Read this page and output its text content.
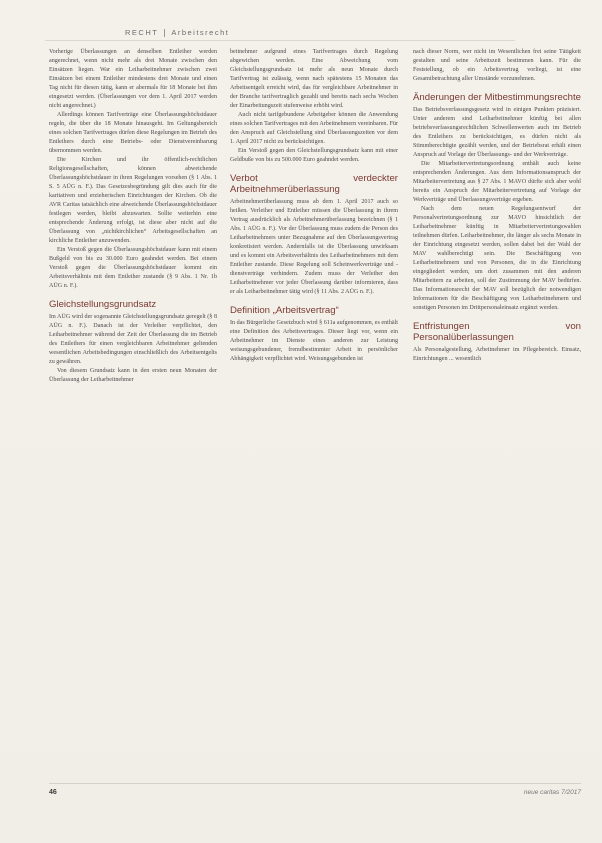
RECHT Arbeitsrecht

Vorherige Überlassungen an denselben Entleiher werden angerechnet, wenn nicht mehr als drei Monate zwischen den Einsätzen liegen. War ein Leiharbeitnehmer zwischen zwei Einsätzen bei einem Entleiher mindestens drei Monate und einen Tag nicht für diesen tätig, kann er abermals für 18 Monate bei ihm eingesetzt werden. (Überlassungen vor dem 1. April 2017 werden nicht angerechnet.)

Allerdings können Tarifverträge eine Überlassungshöchstdauer regeln, die über die 18 Monate hinausgeht. Im Geltungsbereich eines solchen Tarifvertrages dürfen diese Regelungen im Betrieb des Entleihers durch eine Betriebs- oder Dienstvereinbarung übernommen werden.

Die Kirchen und ihr öffentlich-rechtlichen Religionsgesellschaften, können abweichende Überlassungshöchstdauer in ihren Regelungen vorsehen (§ 1 Abs. 1 S. 5 AÜG n. F.). Das Gesetzesbegründung gilt dies auch für die karitativen und erzieherischen Einrichtungen der Kirchen. Ob die AVR Caritas tatsächlich eine abweichende Überlassungshöchstdauer festlegen werden, bleibt abzuwarten. Sollte weiterhin eine entsprechende Änderung erfolgt, ist diese aber nicht auf die Überlassung von „nichtkirchlichen“ Arbeitsgesellschaften an kirchliche Entleiher anzuwenden.

Ein Verstoß gegen die Überlassungshöchstdauer kann mit einem Bußgeld von bis zu 30.000 Euro geahndet werden. Bei einem Verstoß gegen die Überlassungshöchstdauer kommt ein Arbeitsverhältnis mit dem Entleiher zustande (§ 9 Abs. 1 Nr. 1b AÜG n. F.).

Gleichstellungsgrundsatz

Im AÜG wird der sogenannte Gleichstellungsgrundsatz geregelt (§ 8 AÜG n. F.). Danach ist der Verleiher verpflichtet, den Leiharbeitnehmer während der Zeit der Überlassung die im Betrieb des Entleihers für einen vergleichbaren Arbeitnehmer geltenden wesentlichen Arbeitsbedingungen einschließlich des Arbeitsentgelts zu gewähren.

Von diesem Grundsatz kann in den ersten neun Monaten der Überlassung der Leiharbeitnehmer

beitnehmer aufgrund eines Tarifvertrages durch Regelung abgewichen werden. Eine Abweichung vom Gleichstellungsgrundsatz ist mehr als neun Monate durch Tarifvertrag ist zulässig, wenn nach spätestens 15 Monaten das Arbeitsentgelt erreicht wird, das für vergleichbare Arbeitnehmer in der Branche tarifvertraglich gezahlt und bereits nach sechs Wochen der Einarbeitungszeit stufenweise erhöht wird.

Auch nicht tarifgebundene Arbeitgeber können die Anwendung eines solchen Tarifvertrages mit den Arbeitnehmern vereinbaren. Für den Anspruch auf Gleichstellung sind Überlassungszeiten vor dem 1. April 2017 nicht zu berücksichtigen.

Ein Verstoß gegen den Gleichstellungsgrundsatz kann mit einer Geldbuße von bis zu 500.000 Euro geahndet werden.

Verbot verdeckter Arbeitnehmerüberlassung

Arbeitnehmerüberlassung muss ab dem 1. April 2017 auch so heißen. Verleiher und Entleiher müssen die Überlassung in ihrem Vertrag ausdrücklich als Arbeitnehmerüberlassung bezeichnen (§ 1 Abs. 1 AÜG n. F.). Vor der Überlassung muss zudem die Person des Leiharbeitnehmers unter Bezugnahme auf den Überlassungsvertrag konkretisiert werden. Andernfalls ist die Überlassung unwirksam und es kommt ein Arbeitsverhältnis des Leiharbeitnehmers mit dem Entleiher zustande. Diese Regelung soll Scheinwerkverträge und -dienstverträge verhindern. Zudem muss der Verleiher den Leiharbeitnehmer vor jeder Überlassung darüber informieren, dass er als Leiharbeitnehmer tätig wird (§ 11 Abs. 2 AÜG n. F.).

Definition „Arbeitsvertrag“

In das Bürgerliche Gesetzbuch wird § 611a aufgenommen, es enthält eine Definition des Arbeitsvertrages. Dieser liegt vor, wenn ein Arbeitnehmer im Dienste eines anderen zur Leistung weisungsgebundener, fremdbestimmter Arbeit in persönlicher Abhängigkeit verpflichtet wird. Weisungsgebunden ist

nach dieser Norm, wer nicht im Wesentlichen frei seine Tätigkeit gestalten und seine Arbeitszeit bestimmen kann. Für die Feststellung, ob ein Arbeitsvertrag vorliegt, ist eine Gesamtbetrachtung aller Umstände vorzunehmen.

Änderungen der Mitbestimmungsrechte

Das Betriebsverfassungsgesetz wird in einigen Punkten präzisiert. Unter anderem sind Leiharbeitnehmer künftig bei allen betriebsverfassungsrechtlichen Schwellenwerten auch im Betrieb des Entleihers zu berücksichtigen, es dürfen nicht als Stimmberechtigte gezählt werden, und der Betriebsrat erhält einen Anspruch auf Vorlage der Überlassungs- und der Werkverträge.

Die Mitarbeitervertretungsordnung enthält auch keine entsprechenden Änderungen. Aus dem Informationsanspruch der Mitarbeitervertretung aus § 27 Abs. 1 MAVO dürfte sich aber wohl bereits ein Anspruch der Mitarbeitervertretung auf Vorlage der Werkverträge und Überlassungsverträge ergeben.

Nach dem neuen Regelungsentwurf der Personalvertretungsordnung zur MAVO hinsichtlich der Leiharbeitnehmer künftig in Mitarbeitervertretungswahlen teilnehmen dürfen. Leiharbeitnehmer, die länger als sechs Monate in der Einrichtung eingesetzt werden, sollen dabei bei der Wahl der MAV wahlberechtigt sein. Die Beschäftigung von Leiharbeitnehmern und von Personen, die in die Einrichtung eingegliedert werden, um dort zusammen mit den anderen Mitarbeitern zu arbeiten, soll der Zustimmung der MAV bedürfen. Das Informationsrecht der MAV soll bezüglich der notwendigen Informationen für die Beschäftigung von Leiharbeitnehmern und sonstigen Personen im Drittpersonaleinsatz ergänzt werden.

Entfristungen von Personalüberlassungen

Als Personalgestellung, Arbeitnehmer im Pflegebereich. Einsatz, Einrichtungen ... wesentlich

46	neue caritas 7/2017
